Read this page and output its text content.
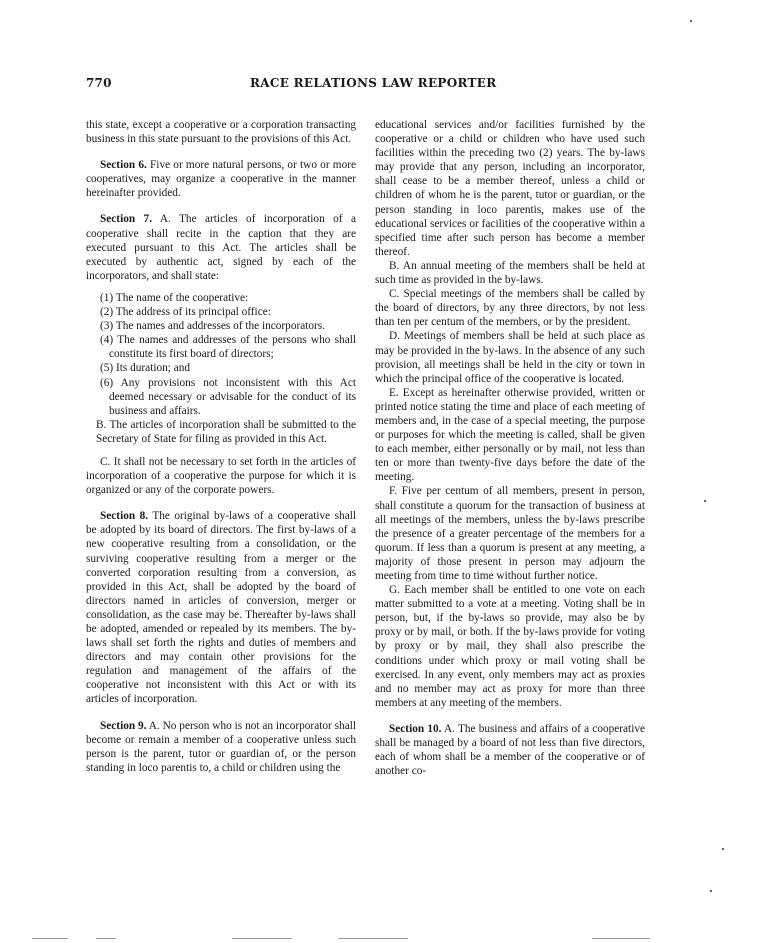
770	RACE RELATIONS LAW REPORTER

this state, except a cooperative or a corporation transacting business in this state pursuant to the provisions of this Act.

Section 6. Five or more natural persons, or two or more cooperatives, may organize a cooperative in the manner hereinafter provided.

Section 7. A. The articles of incorporation of a cooperative shall recite in the caption that they are executed pursuant to this Act. The articles shall be executed by authentic act, signed by each of the incorporators, and shall state:

(1) The name of the cooperative:

(2) The address of its principal office:

(3) The names and addresses of the incorporators.

(4) The names and addresses of the persons who shall constitute its first board of directors;

(5) Its duration; and

(6) Any provisions not inconsistent with this Act deemed necessary or advisable for the conduct of its business and affairs.

B. The articles of incorporation shall be submitted to the Secretary of State for filing as provided in this Act.

C. It shall not be necessary to set forth in the articles of incorporation of a cooperative the purpose for which it is organized or any of the corporate powers.

Section 8. The original by-laws of a cooperative shall be adopted by its board of directors. The first by-laws of a new cooperative resulting from a consolidation, or the surviving cooperative resulting from a merger or the converted corporation resulting from a conversion, as provided in this Act, shall be adopted by the board of directors named in articles of conversion, merger or consolidation, as the case may be. Thereafter by-laws shall be adopted, amended or repealed by its members. The by-laws shall set forth the rights and duties of members and directors and may contain other provisions for the regulation and management of the affairs of the cooperative not inconsistent with this Act or with its articles of incorporation.

Section 9. A. No person who is not an incorporator shall become or remain a member of a cooperative unless such person is the parent, tutor or guardian of, or the person standing in loco parentis to, a child or children using the

educational services and/or facilities furnished by the cooperative or a child or children who have used such facilities within the preceding two (2) years. The by-laws may provide that any person, including an incorporator, shall cease to be a member thereof, unless a child or children of whom he is the parent, tutor or guardian, or the person standing in loco parentis, makes use of the educational services or facilities of the cooperative within a specified time after such person has become a member thereof.

B. An annual meeting of the members shall be held at such time as provided in the by-laws.

C. Special meetings of the members shall be called by the board of directors, by any three directors, by not less than ten per centum of the members, or by the president.

D. Meetings of members shall be held at such place as may be provided in the by-laws. In the absence of any such provision, all meetings shall be held in the city or town in which the principal office of the cooperative is located.

E. Except as hereinafter otherwise provided, written or printed notice stating the time and place of each meeting of members and, in the case of a special meeting, the purpose or purposes for which the meeting is called, shall be given to each member, either personally or by mail, not less than ten or more than twenty-five days before the date of the meeting.

F. Five per centum of all members, present in person, shall constitute a quorum for the transaction of business at all meetings of the members, unless the by-laws prescribe the presence of a greater percentage of the members for a quorum. If less than a quorum is present at any meeting, a majority of those present in person may adjourn the meeting from time to time without further notice.

G. Each member shall be entitled to one vote on each matter submitted to a vote at a meeting. Voting shall be in person, but, if the by-laws so provide, may also be by proxy or by mail, or both. If the by-laws provide for voting by proxy or by mail, they shall also prescribe the conditions under which proxy or mail voting shall be exercised. In any event, only members may act as proxies and no member may act as proxy for more than three members at any meeting of the members.

Section 10. A. The business and affairs of a cooperative shall be managed by a board of not less than five directors, each of whom shall be a member of the cooperative or of another co-
